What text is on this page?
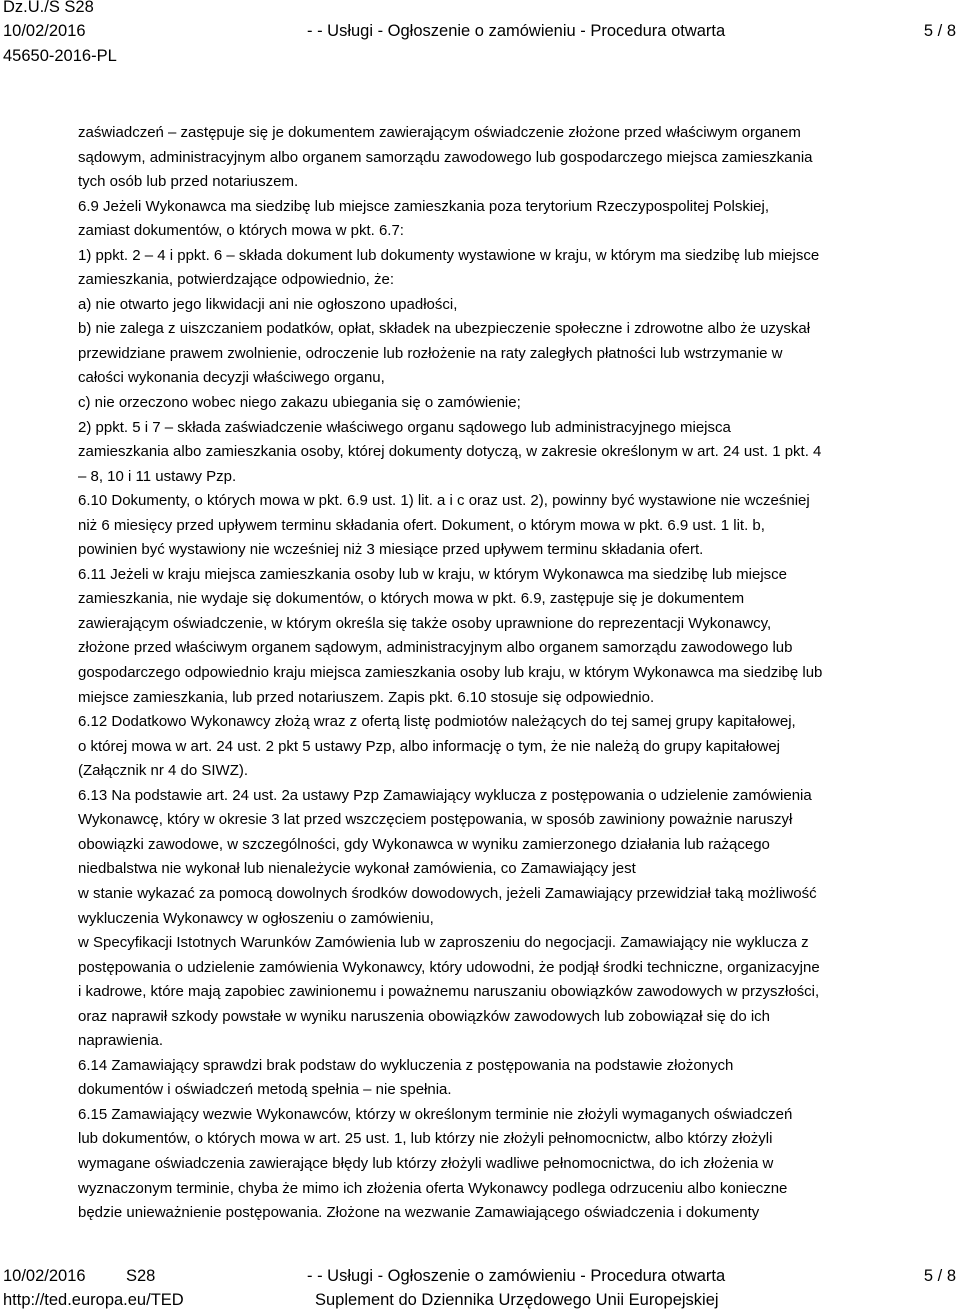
Dz.U./S S28
10/02/2016	- - Usługi - Ogłoszenie o zamówieniu - Procedura otwarta	5 / 8
45650-2016-PL
zaświadczeń – zastępuje się je dokumentem zawierającym oświadczenie złożone przed właściwym organem
sądowym, administracyjnym albo organem samorządu zawodowego lub gospodarczego miejsca zamieszkania
tych osób lub przed notariuszem.
6.9 Jeżeli Wykonawca ma siedzibę lub miejsce zamieszkania poza terytorium Rzeczypospolitej Polskiej,
zamiast dokumentów, o których mowa w pkt. 6.7:
1) ppkt. 2 – 4 i ppkt. 6 – składa dokument lub dokumenty wystawione w kraju, w którym ma siedzibę lub miejsce
zamieszkania, potwierdzające odpowiednio, że:
a) nie otwarto jego likwidacji ani nie ogłoszono upadłości,
b) nie zalega z uiszczaniem podatków, opłat, składek na ubezpieczenie społeczne i zdrowotne albo że uzyskał
przewidziane prawem zwolnienie, odroczenie lub rozłożenie na raty zaległych płatności lub wstrzymanie w
całości wykonania decyzji właściwego organu,
c) nie orzeczono wobec niego zakazu ubiegania się o zamówienie;
2) ppkt. 5 i 7 – składa zaświadczenie właściwego organu sądowego lub administracyjnego miejsca
zamieszkania albo zamieszkania osoby, której dokumenty dotyczą, w zakresie określonym w art. 24 ust. 1 pkt. 4
– 8, 10 i 11 ustawy Pzp.
6.10 Dokumenty, o których mowa w pkt. 6.9 ust. 1) lit. a i c oraz ust. 2), powinny być wystawione nie wcześniej
niż 6 miesięcy przed upływem terminu składania ofert. Dokument, o którym mowa w pkt. 6.9 ust. 1 lit. b,
powinien być wystawiony nie wcześniej niż 3 miesiące przed upływem terminu składania ofert.
6.11 Jeżeli w kraju miejsca zamieszkania osoby lub w kraju, w którym Wykonawca ma siedzibę lub miejsce
zamieszkania, nie wydaje się dokumentów, o których mowa w pkt. 6.9, zastępuje się je dokumentem
zawierającym oświadczenie, w którym określa się także osoby uprawnione do reprezentacji Wykonawcy,
złożone przed właściwym organem sądowym, administracyjnym albo organem samorządu zawodowego lub
gospodarczego odpowiednio kraju miejsca zamieszkania osoby lub kraju, w którym Wykonawca ma siedzibę lub
miejsce zamieszkania, lub przed notariuszem. Zapis pkt. 6.10 stosuje się odpowiednio.
6.12 Dodatkowo Wykonawcy złożą wraz z ofertą listę podmiotów należących do tej samej grupy kapitałowej,
o której mowa w art. 24 ust. 2 pkt 5 ustawy Pzp, albo informację o tym, że nie należą do grupy kapitałowej
(Załącznik nr 4 do SIWZ).
6.13 Na podstawie art. 24 ust. 2a ustawy Pzp Zamawiający wyklucza z postępowania o udzielenie zamówienia
Wykonawcę, który w okresie 3 lat przed wszczęciem postępowania, w sposób zawiniony poważnie naruszył
obowiązki zawodowe, w szczególności, gdy Wykonawca w wyniku zamierzonego działania lub rażącego
niedbalstwa nie wykonał lub nienależycie wykonał zamówienia, co Zamawiający jest
w stanie wykazać za pomocą dowolnych środków dowodowych, jeżeli Zamawiający przewidział taką możliwość
wykluczenia Wykonawcy w ogłoszeniu o zamówieniu,
w Specyfikacji Istotnych Warunków Zamówienia lub w zaproszeniu do negocjacji. Zamawiający nie wyklucza z
postępowania o udzielenie zamówienia Wykonawcy, który udowodni, że podjął środki techniczne, organizacyjne
i kadrowe, które mają zapobiec zawinionemu i poważnemu naruszaniu obowiązków zawodowych w przyszłości,
oraz naprawił szkody powstałe w wyniku naruszenia obowiązków zawodowych lub zobowiązał się do ich
naprawienia.
6.14 Zamawiający sprawdzi brak podstaw do wykluczenia z postępowania na podstawie złożonych
dokumentów i oświadczeń metodą spełnia – nie spełnia.
6.15 Zamawiający wezwie Wykonawców, którzy w określonym terminie nie złożyli wymaganych oświadczeń
lub dokumentów, o których mowa w art. 25 ust. 1, lub którzy nie złożyli pełnomocnictw, albo którzy złożyli
wymagane oświadczenia zawierające błędy lub którzy złożyli wadliwe pełnomocnictwa, do ich złożenia w
wyznaczonym terminie, chyba że mimo ich złożenia oferta Wykonawcy podlega odrzuceniu albo konieczne
będzie unieważnienie postępowania. Złożone na wezwanie Zamawiającego oświadczenia i dokumenty
10/02/2016 S28	- - Usługi - Ogłoszenie o zamówieniu - Procedura otwarta	5 / 8
http://ted.europa.eu/TED	Suplement do Dziennika Urzędowego Unii Europejskiej
